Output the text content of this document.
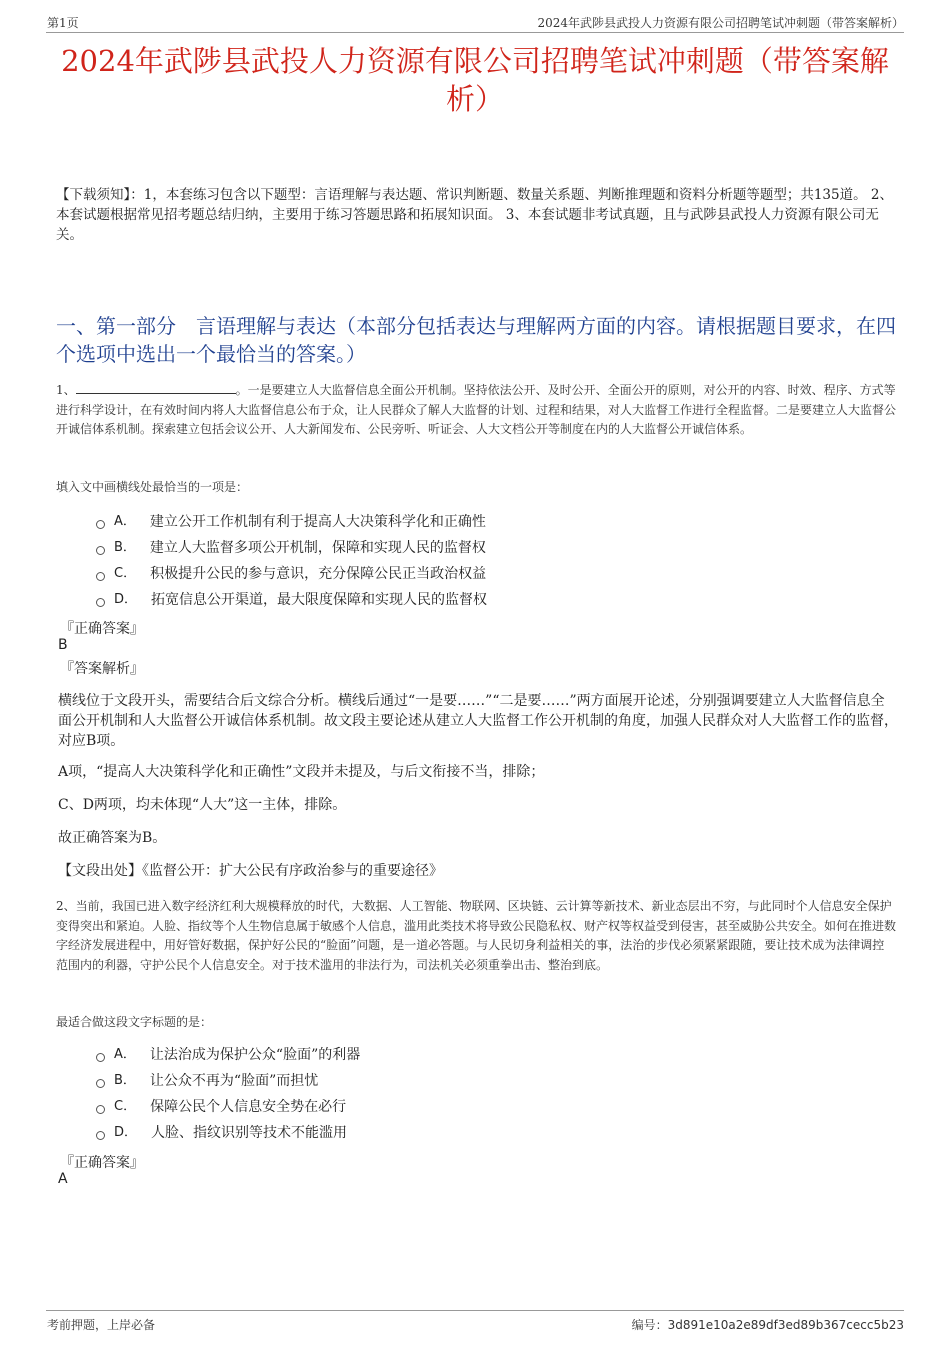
第1页	2024年武陟县武投人力资源有限公司招聘笔试冲刺题（带答案解析）
2024年武陟县武投人力资源有限公司招聘笔试冲刺题（带答案解析）
【下载须知】：1，本套练习包含以下题型：言语理解与表达题、常识判断题、数量关系题、判断推理题和资料分析题等题型；共135道。 2、本套试题根据常见招考题总结归纳，主要用于练习答题思路和拓展知识面。 3、本套试题非考试真题，且与武陟县武投人力资源有限公司无关。
一、第一部分　言语理解与表达（本部分包括表达与理解两方面的内容。请根据题目要求，在四个选项中选出一个最恰当的答案。）
1、	。一是要建立人大监督信息全面公开机制。坚持依法公开、及时公开、全面公开的原则，对公开的内容、时效、程序、方式等进行科学设计，在有效时间内将人大监督信息公布于众，让人民群众了解人大监督的计划、过程和结果，对人大监督工作进行全程监督。二是要建立人大监督公开诚信体系机制。探索建立包括会议公开、人大新闻发布、公民旁听、听证会、人大文档公开等制度在内的人大监督公开诚信体系。
填入文中画横线处最恰当的一项是：
A． 建立公开工作机制有利于提高人大决策科学化和正确性
B． 建立人大监督多项公开机制，保障和实现人民的监督权
C． 积极提升公民的参与意识，充分保障公民正当政治权益
D． 拓宽信息公开渠道，最大限度保障和实现人民的监督权
『正确答案』
B
『答案解析』
横线位于文段开头，需要结合后文综合分析。横线后通过“一是要……”“二是要……”两方面展开论述，分别强调要建立人大监督信息全面公开机制和人大监督公开诚信体系机制。故文段主要论述从建立人大监督工作公开机制的角度，加强人民群众对人大监督工作的监督，对应B项。
A项，“提高人大决策科学化和正确性”文段并未提及，与后文衔接不当，排除；
C、D两项，均未体现“人大”这一主体，排除。
故正确答案为B。
【文段出处】《监督公开：扩大公民有序政治参与的重要途径》
2、当前，我国已进入数字经济红利大规模释放的时代，大数据、人工智能、物联网、区块链、云计算等新技术、新业态层出不穷，与此同时个人信息安全保护变得突出和紧迫。人脸、指纹等个人生物信息属于敏感个人信息，滥用此类技术将导致公民隐私权、财产权等权益受到侵害，甚至威胁公共安全。如何在推进数字经济发展进程中，用好管好数据，保护好公民的“脸面”问题，是一道必答题。与人民切身利益相关的事，法治的步伐必须紧紧跟随，要让技术成为法律调控范围内的利器，守护公民个人信息安全。对于技术滥用的非法行为，司法机关必须重拳出击、整治到底。
最适合做这段文字标题的是：
A． 让法治成为保护公众“脸面”的利器
B． 让公众不再为“脸面”而担忧
C． 保障公民个人信息安全势在必行
D． 人脸、指纹识别等技术不能滥用
『正确答案』
A
考前押题，上岸必备	编号：3d891e10a2e89df3ed89b367cecc5b23
